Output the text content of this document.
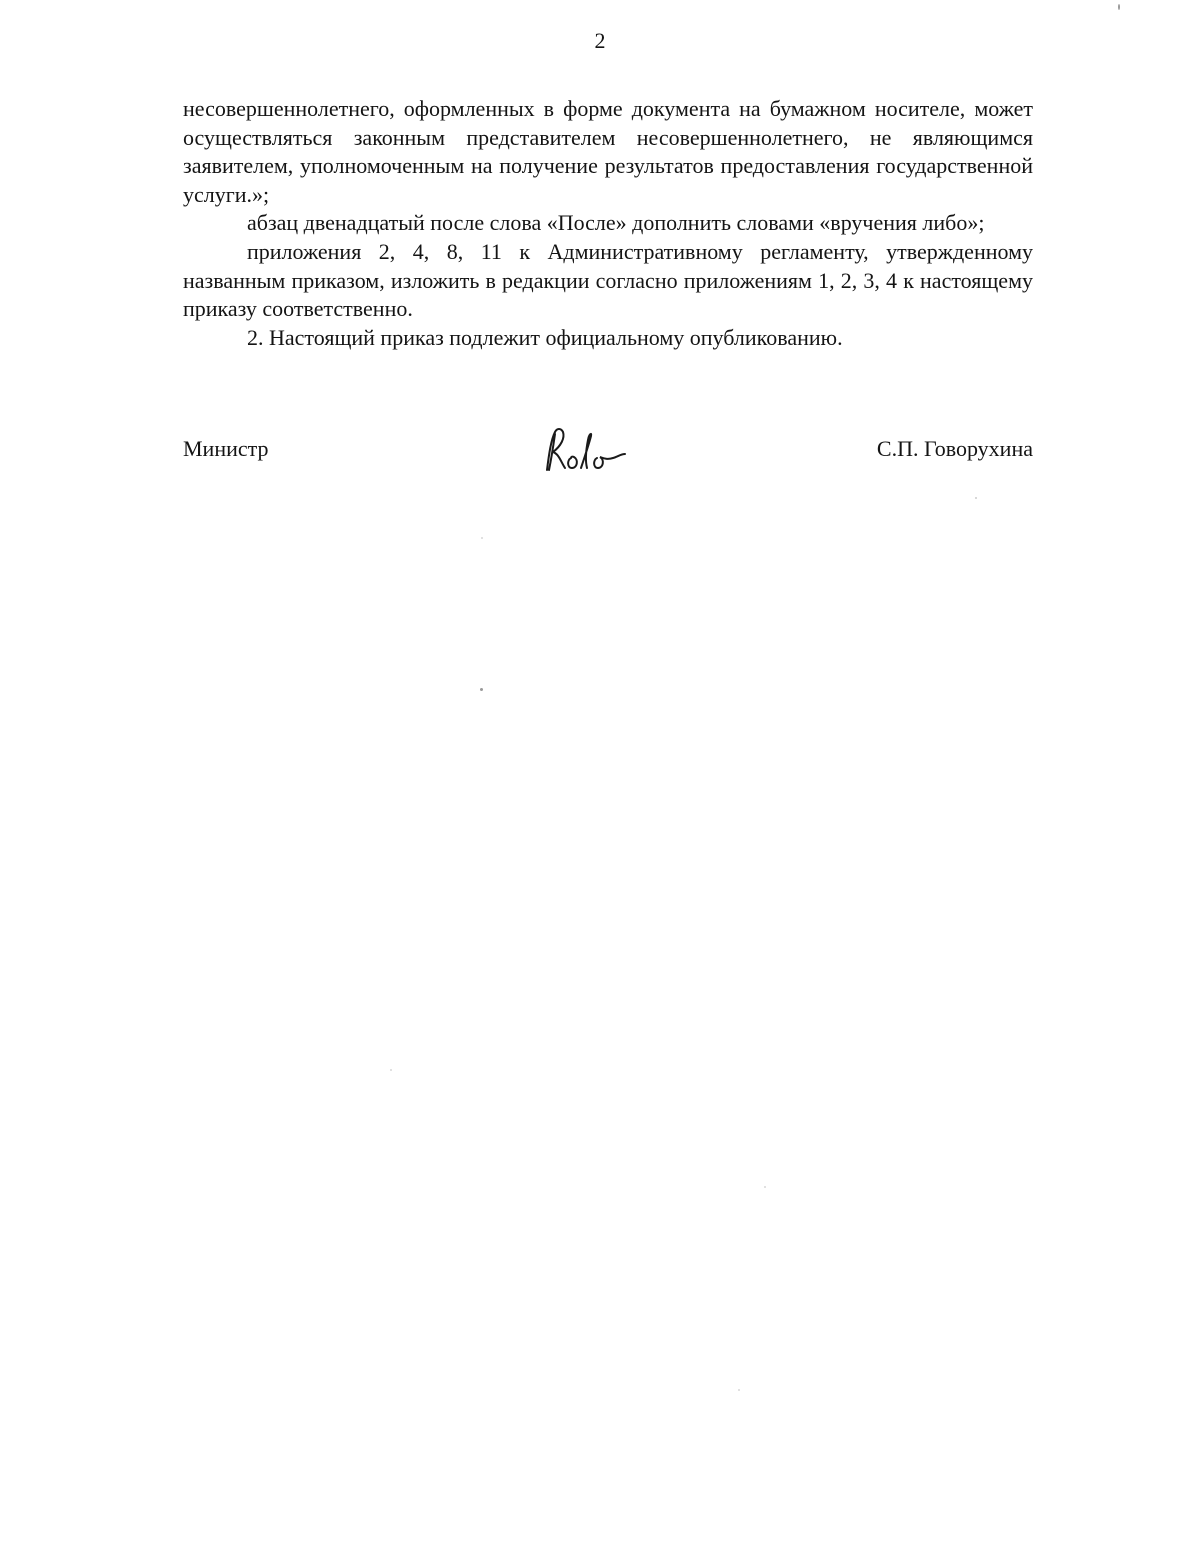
2

несовершеннолетнего, оформленных в форме документа на бумажном носителе, может осуществляться законным представителем несовершеннолетнего, не являющимся заявителем, уполномоченным на получение результатов предоставления государственной услуги.»;

абзац двенадцатый после слова «После» дополнить словами «вручения либо»;

приложения 2, 4, 8, 11 к Административному регламенту, утвержденному названным приказом, изложить в редакции согласно приложениям 1, 2, 3, 4 к настоящему приказу соответственно.

2. Настоящий приказ подлежит официальному опубликованию.

Министр	С.П. Говорухина
